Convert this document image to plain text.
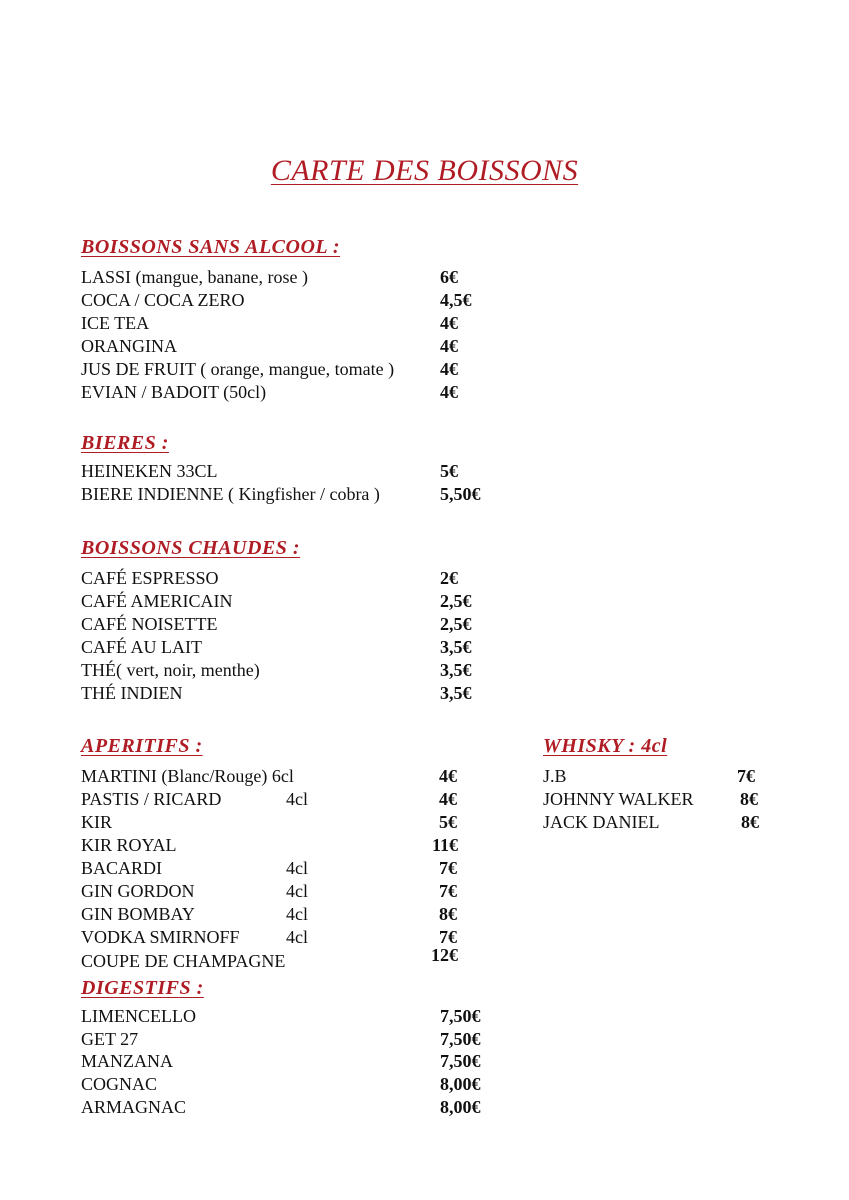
CARTE DES BOISSONS
BOISSONS SANS ALCOOL :
LASSI (mangue, banane, rose )	6€
COCA / COCA ZERO	4,5€
ICE TEA	4€
ORANGINA	4€
JUS DE FRUIT ( orange, mangue, tomate )	4€
EVIAN / BADOIT (50cl)	4€
BIERES :
HEINEKEN 33CL	5€
BIERE INDIENNE ( Kingfisher / cobra )	5,50€
BOISSONS CHAUDES :
CAFÉ ESPRESSO	2€
CAFÉ AMERICAIN	2,5€
CAFÉ NOISETTE	2,5€
CAFÉ AU LAIT	3,5€
THÉ( vert, noir, menthe)	3,5€
THÉ INDIEN	3,5€
APERITIFS :
MARTINI (Blanc/Rouge) 6cl	4€
PASTIS / RICARD	4cl	4€
KIR	5€
KIR ROYAL	11€
BACARDI	4cl	7€
GIN GORDON	4cl	7€
GIN BOMBAY	4cl	8€
VODKA SMIRNOFF	4cl	7€
COUPE DE CHAMPAGNE	12€
DIGESTIFS :
LIMENCELLO	7,50€
GET 27	7,50€
MANZANA	7,50€
COGNAC	8,00€
ARMAGNAC	8,00€
WHISKY : 4cl
J.B	7€
JOHNNY WALKER	8€
JACK DANIEL	8€
